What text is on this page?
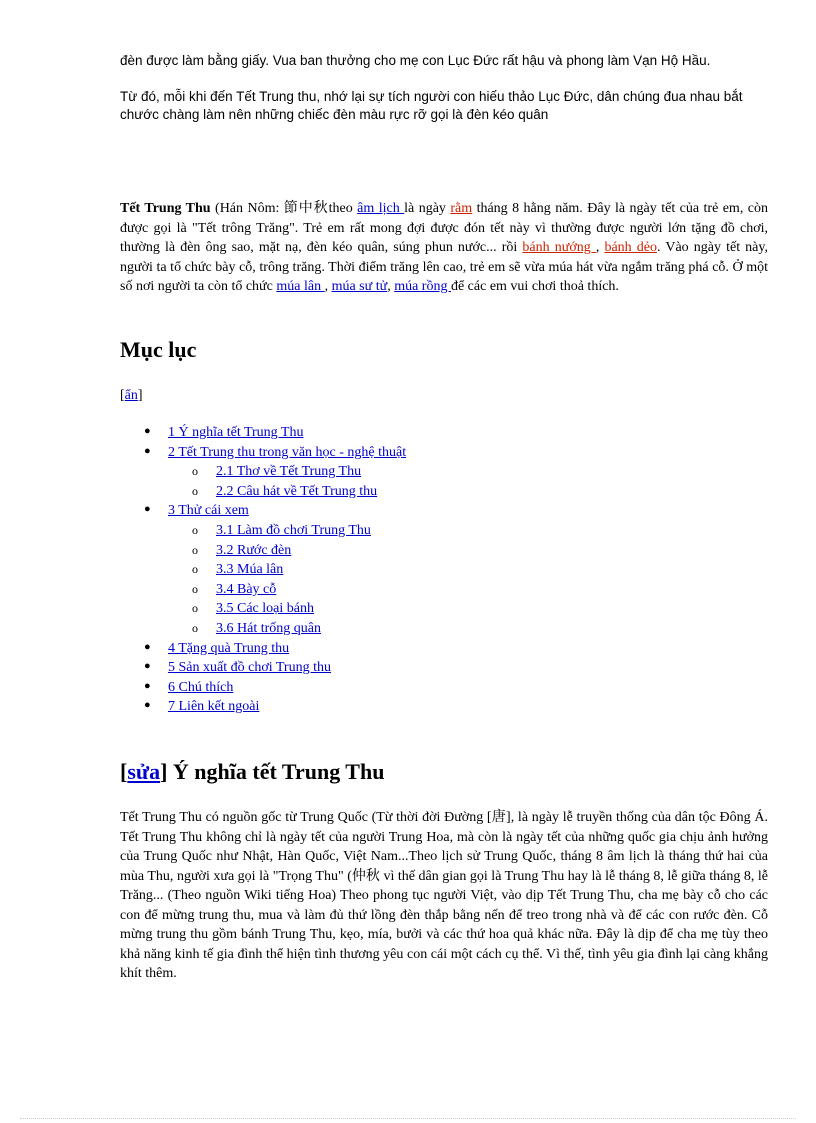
đèn được làm bằng giấy. Vua ban thưởng cho mẹ con Lục Đức rất hậu và phong làm Vạn Hộ Hầu.

Từ đó, mỗi khi đến Tết Trung thu, nhớ lại sự tích người con hiếu thảo Lục Đức, dân chúng đua nhau bắt chước chàng làm nên những chiếc đèn màu rực rỡ gọi là đèn kéo quân

Tết Trung Thu (Hán Nôm: 節中秋theo âm lịch là ngày rằm tháng 8 hằng năm. Đây là ngày tết của trẻ em, còn được gọi là "Tết trông Trăng". Trẻ em rất mong đợi được đón tết này vì thường được người lớn tặng đồ chơi, thường là đèn ông sao, mặt nạ, đèn kéo quân, súng phun nước... rồi bánh nướng , bánh dẻo. Vào ngày tết này, người ta tổ chức bày cỗ, trông trăng. Thời điểm trăng lên cao, trẻ em sẽ vừa múa hát vừa ngắm trăng phá cỗ. Ở một số nơi người ta còn tổ chức múa lân , múa sư tử, múa rồng để các em vui chơi thoả thích.

Mục lục
[ẩn]
● 1 Ý nghĩa tết Trung Thu
● 2 Tết Trung thu trong văn học - nghệ thuật
o 2.1 Thơ về Tết Trung Thu
o 2.2 Câu hát về Tết Trung thu
● 3 Thử cái xem
o 3.1 Làm đồ chơi Trung Thu
o 3.2 Rước đèn
o 3.3 Múa lân
o 3.4 Bày cỗ
o 3.5 Các loại bánh
o 3.6 Hát trống quân
● 4 Tặng quà Trung thu
● 5 Sản xuất đồ chơi Trung thu
● 6 Chú thích
● 7 Liên kết ngoài
[sửa] Ý nghĩa tết Trung Thu

Tết Trung Thu có nguồn gốc từ Trung Quốc (Từ thời đời Đường [唐], là ngày lễ truyền thống của dân tộc Đông Á. Tết Trung Thu không chỉ là ngày tết của người Trung Hoa, mà còn là ngày tết của những quốc gia chịu ảnh hưởng của Trung Quốc như Nhật, Hàn Quốc, Việt Nam...Theo lịch sử Trung Quốc, tháng 8 âm lịch là tháng thứ hai của mùa Thu, người xưa gọi là "Trọng Thu" (仲秋 vì thế dân gian gọi là Trung Thu hay là lễ tháng 8, lễ giữa tháng 8, lễ Trăng... (Theo nguồn Wiki tiếng Hoa) Theo phong tục người Việt, vào dịp Tết Trung Thu, cha mẹ bày cỗ cho các con để mừng trung thu, mua và làm đủ thứ lồng đèn thắp bằng nến để treo trong nhà và để các con rước đèn. Cỗ mừng trung thu gồm bánh Trung Thu, kẹo, mía, bưởi và các thứ hoa quả khác nữa. Đây là dịp để cha mẹ tùy theo khả năng kinh tế gia đình thể hiện tình thương yêu con cái một cách cụ thể. Vì thế, tình yêu gia đình lại càng khắng khít thêm.
